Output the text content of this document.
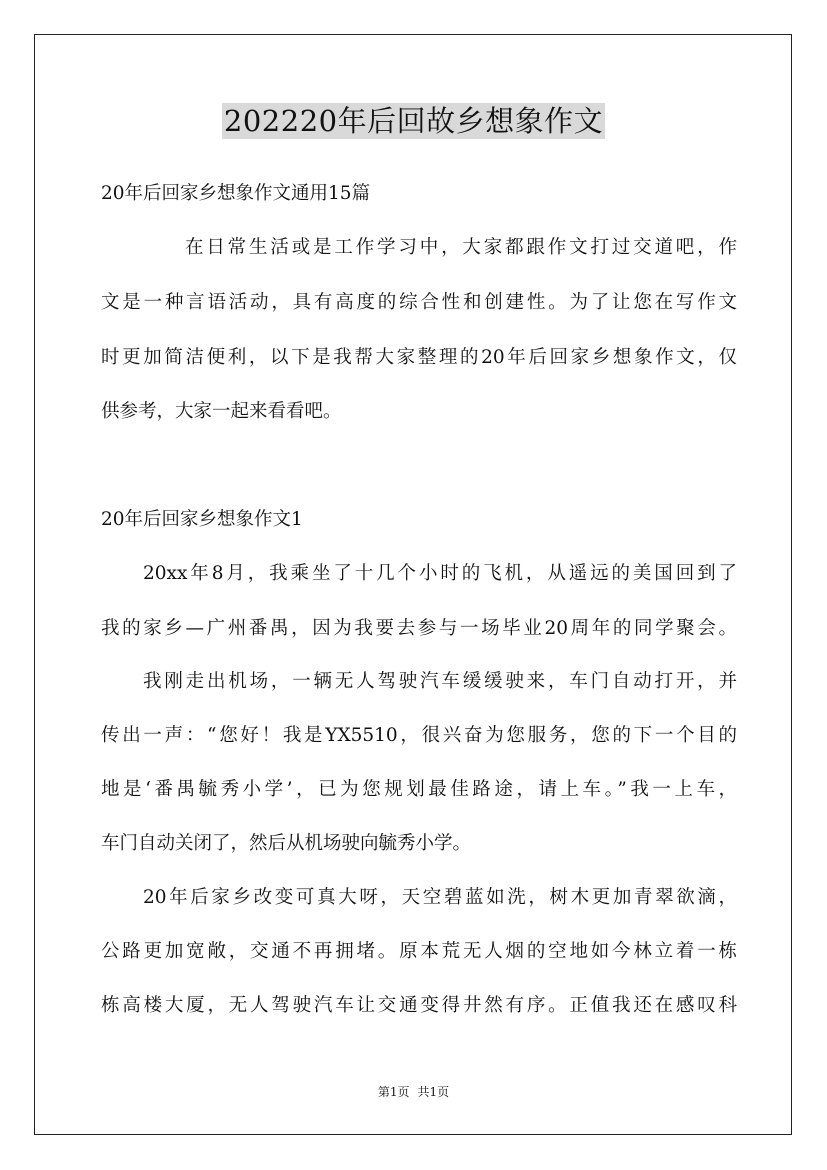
202220年后回故乡想象作文
20年后回家乡想象作文通用15篇
在日常生活或是工作学习中，大家都跟作文打过交道吧，作
文是一种言语活动，具有高度的综合性和创建性。为了让您在写作文
时更加简洁便利，以下是我帮大家整理的20年后回家乡想象作文，仅
供参考，大家一起来看看吧。
20年后回家乡想象作文1
20xx年8月，我乘坐了十几个小时的飞机，从遥远的美国回到了
我的家乡—广州番禺，因为我要去参与一场毕业20周年的同学聚会。
我刚走出机场，一辆无人驾驶汽车缓缓驶来，车门自动打开，并
传出一声：“您好！我是YX5510，很兴奋为您服务，您的下一个目的
地是‘番禺毓秀小学’，已为您规划最佳路途，请上车。”我一上车，
车门自动关闭了，然后从机场驶向毓秀小学。
20年后家乡改变可真大呀，天空碧蓝如洗，树木更加青翠欲滴，
公路更加宽敞，交通不再拥堵。原本荒无人烟的空地如今林立着一栋
栋高楼大厦，无人驾驶汽车让交通变得井然有序。正值我还在感叹科
第1页 共1页
